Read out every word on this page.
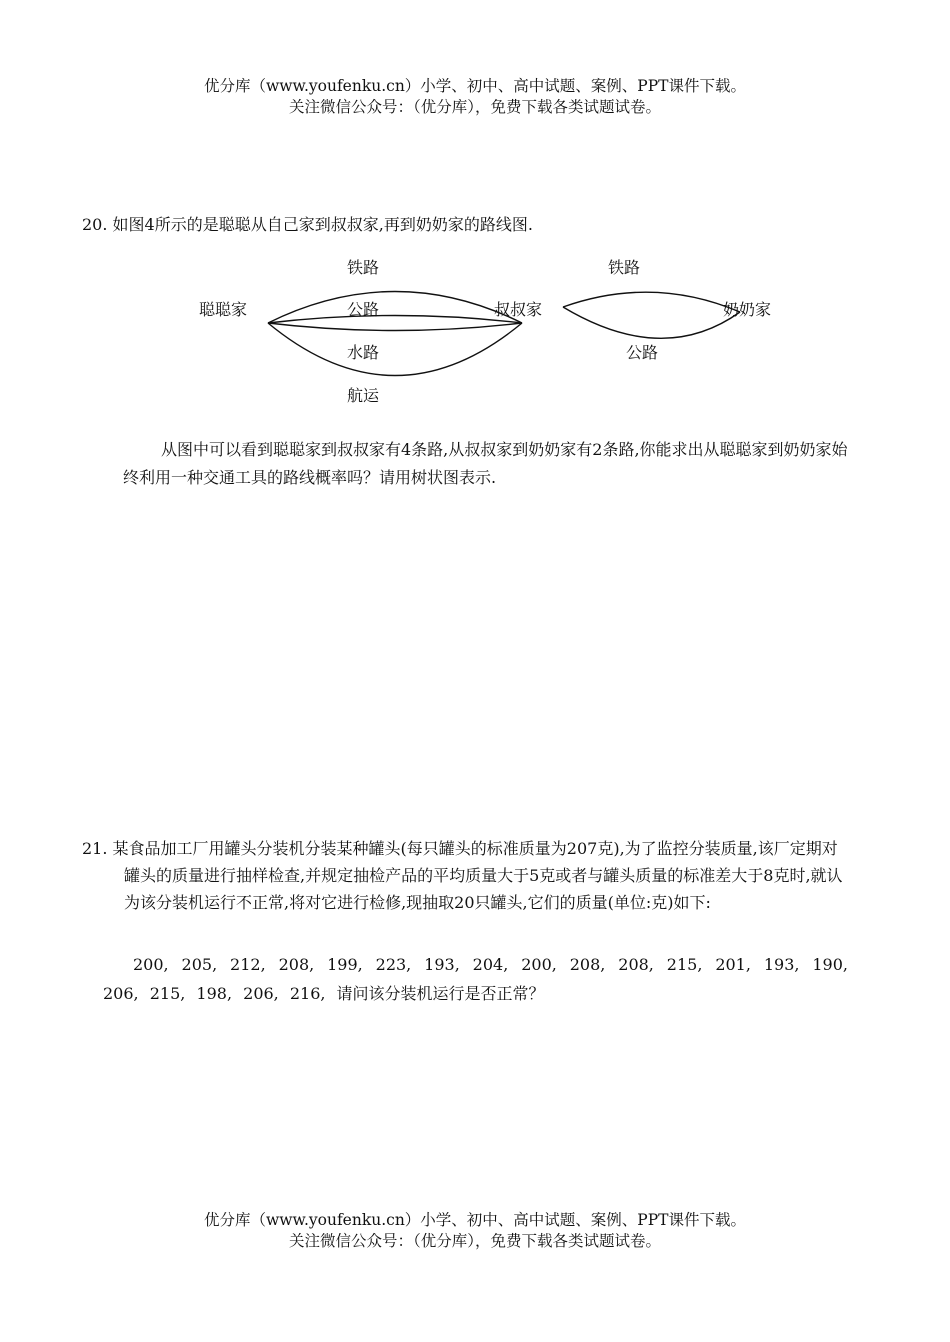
优分库（www.youfenku.cn）小学、初中、高中试题、案例、PPT课件下载。
关注微信公众号：（优分库），免费下载各类试题试卷。

20. 如图4所示的是聪聪从自己家到叔叔家,再到奶奶家的路线图.

聪聪家	叔叔家	奶奶家
铁路
公路
水路
航运
铁路
公路

从图中可以看到聪聪家到叔叔家有4条路,从叔叔家到奶奶家有2条路,你能求出从聪聪家到奶奶家始终利用一种交通工具的路线概率吗？请用树状图表示.

21. 某食品加工厂用罐头分装机分装某种罐头(每只罐头的标准质量为207克),为了监控分装质量,该厂定期对罐头的质量进行抽样检查,并规定抽检产品的平均质量大于5克或者与罐头质量的标准差大于8克时,就认为该分装机运行不正常,将对它进行检修,现抽取20只罐头,它们的质量(单位:克)如下:

200, 205, 212, 208, 199, 223, 193, 204, 200, 208, 208, 215, 201, 193, 190, 206, 215, 198, 206, 216, 请问该分装机运行是否正常？

优分库（www.youfenku.cn）小学、初中、高中试题、案例、PPT课件下载。
关注微信公众号：（优分库），免费下载各类试题试卷。
